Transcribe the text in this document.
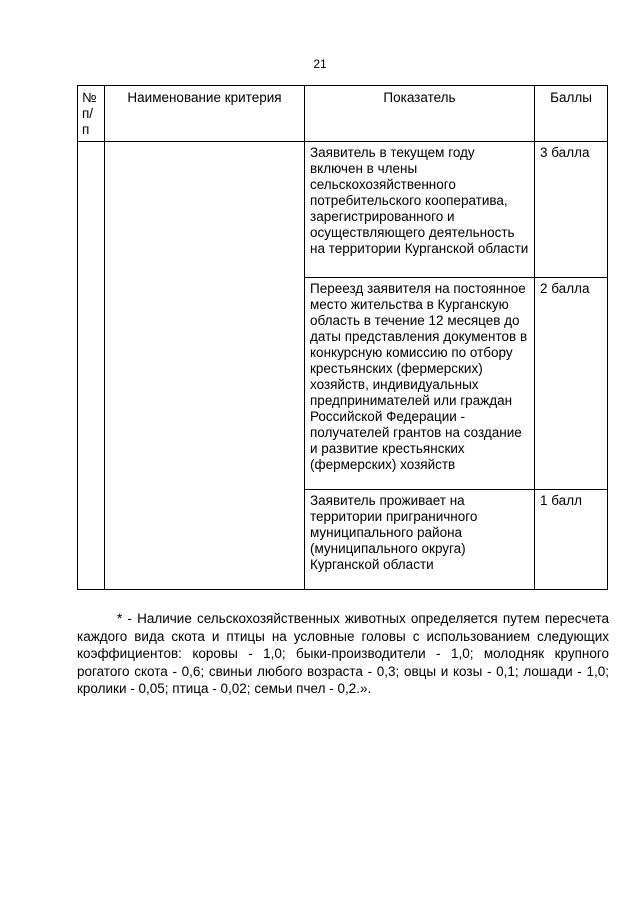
21
№ п/п	Наименование критерия	Показатель	Баллы
		Заявитель в текущем году включен в члены сельскохозяйственного потребительского кооператива, зарегистрированного и осуществляющего деятельность на территории Курганской области	3 балла
		Переезд заявителя на постоянное место жительства в Курганскую область в течение 12 месяцев до даты представления документов в конкурсную комиссию по отбору крестьянских (фермерских) хозяйств, индивидуальных предпринимателей или граждан Российской Федерации - получателей грантов на создание и развитие крестьянских (фермерских) хозяйств	2 балла
		Заявитель проживает на территории приграничного муниципального района (муниципального округа) Курганской области	1 балл
* - Наличие сельскохозяйственных животных определяется путем пересчета каждого вида скота и птицы на условные головы с использованием следующих коэффициентов: коровы - 1,0; быки-производители - 1,0; молодняк крупного рогатого скота - 0,6; свиньи любого возраста - 0,3; овцы и козы - 0,1; лошади - 1,0; кролики - 0,05; птица - 0,02; семьи пчел - 0,2.».
